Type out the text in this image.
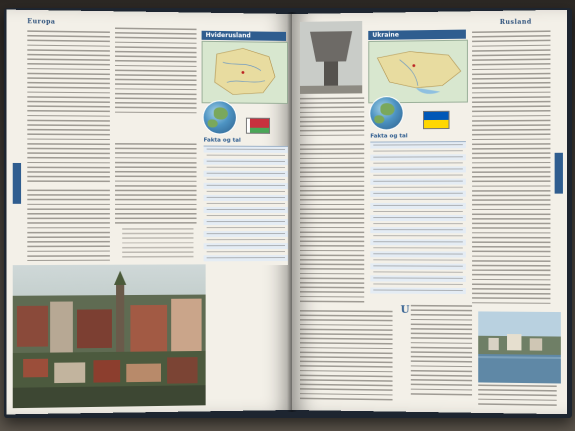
Europa
Hviderusland
Fakta og tal
Rusland
Ukraine
Fakta og tal
U
